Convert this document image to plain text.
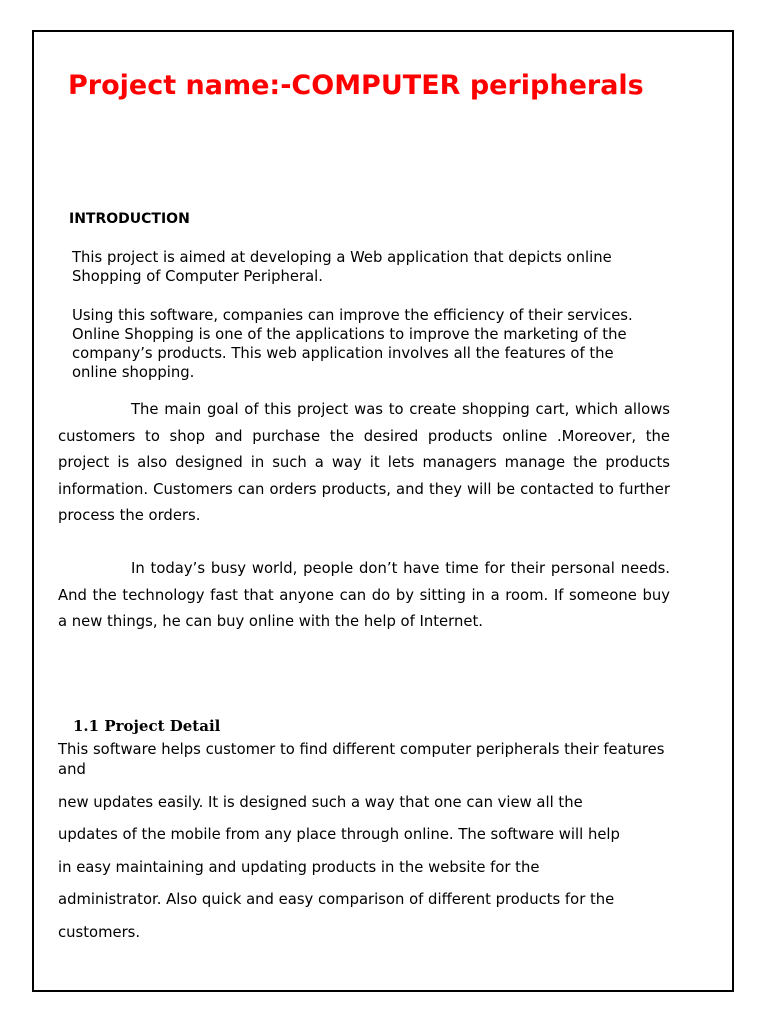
Project name:-COMPUTER peripherals
INTRODUCTION
This project is aimed at developing a Web application that depicts online
Shopping of Computer Peripheral.
Using this software, companies can improve the efficiency of their services.
Online Shopping is one of the applications to improve the marketing of the
company’s products. This web application involves all the features of the
online shopping.

The main goal of this project was to create shopping cart, which allows customers to shop and purchase the desired products online .Moreover, the project is also designed in such a way it lets managers manage the products information. Customers can orders products, and they will be contacted to further process the orders.

In today’s busy world, people don’t have time for their personal needs. And the technology fast that anyone can do by sitting in a room. If someone buy a new things, he can buy online with the help of Internet.

1.1 Project Detail
This software helps customer to find different computer peripherals their features
and
new updates easily. It is designed such a way that one can view all the
updates of the mobile from any place through online. The software will help
in easy maintaining and updating products in the website for the
administrator. Also quick and easy comparison of different products for the
customers.
